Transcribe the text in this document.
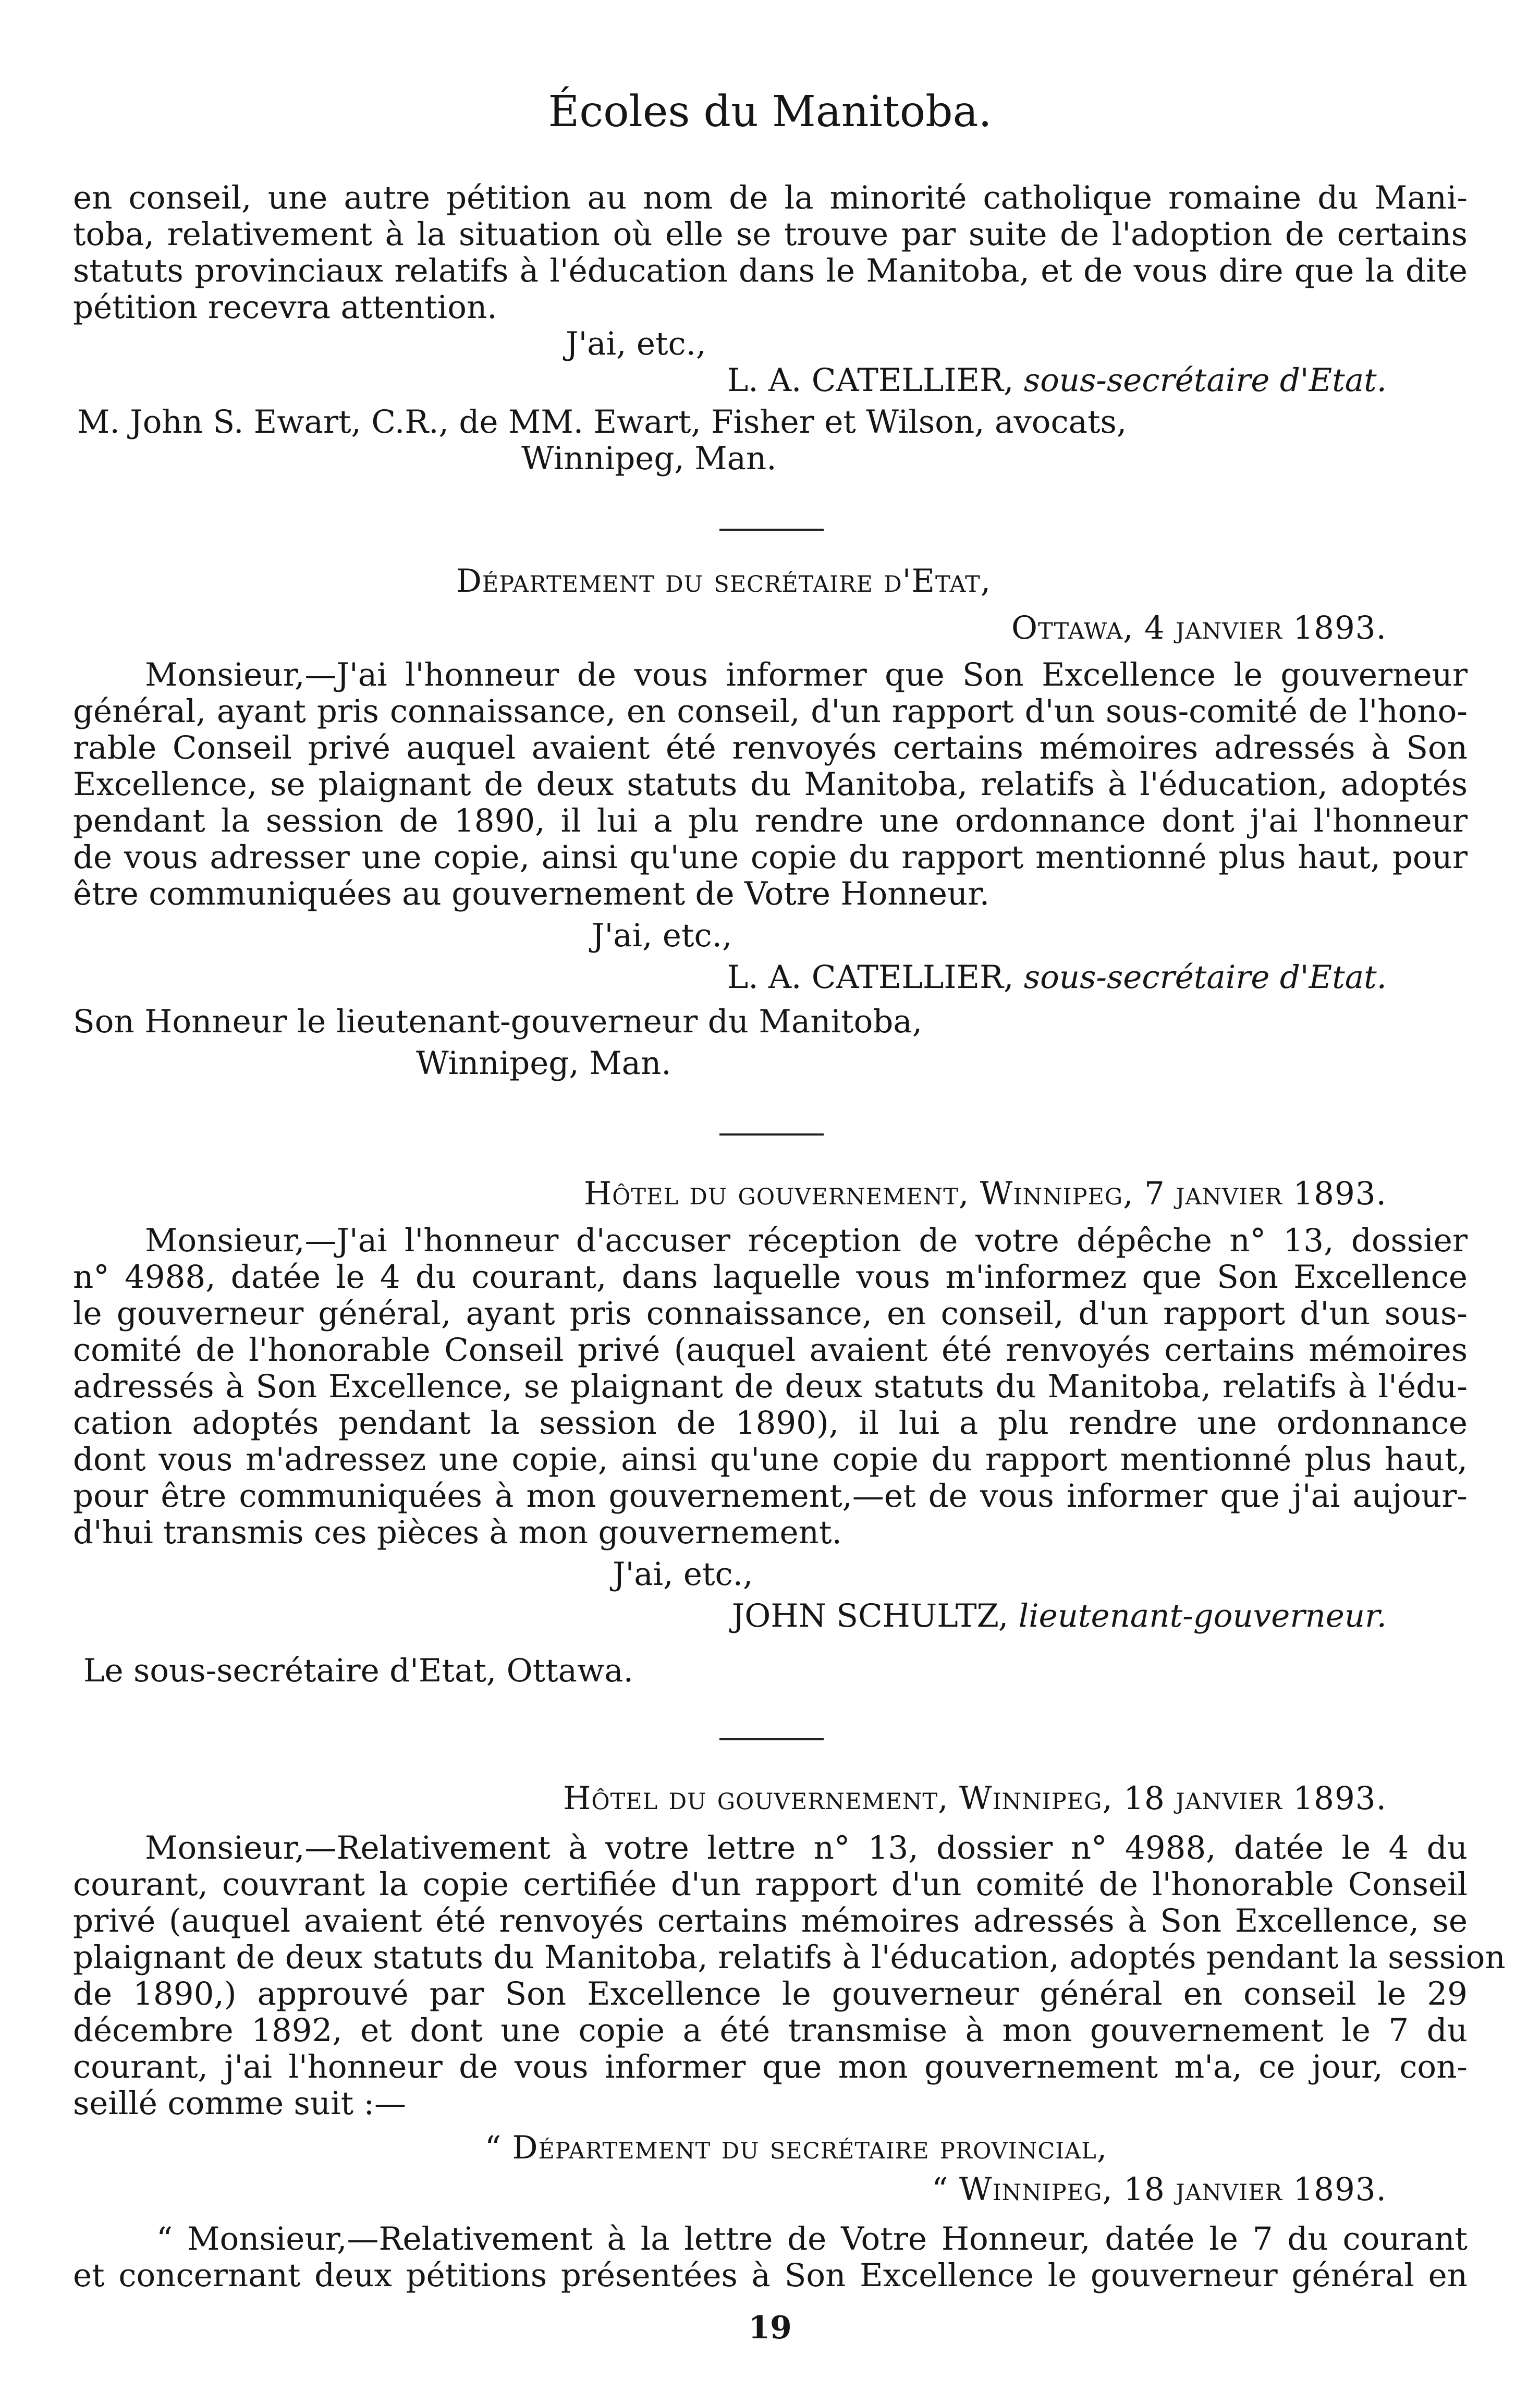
Écoles du Manitoba.
en conseil, une autre pétition au nom de la minorité catholique romaine du Mani-
toba, relativement à la situation où elle se trouve par suite de l'adoption de certains
statuts provinciaux relatifs à l'éducation dans le Manitoba, et de vous dire que la dite
pétition recevra attention.
J'ai, etc.,
L. A. CATELLIER, sous-secrétaire d'Etat.
M. John S. Ewart, C.R., de MM. Ewart, Fisher et Wilson, avocats,
Winnipeg, Man.
Département du secrétaire d'Etat,
Ottawa, 4 janvier 1893.
Monsieur,—J'ai l'honneur de vous informer que Son Excellence le gouverneur
général, ayant pris connaissance, en conseil, d'un rapport d'un sous-comité de l'hono-
rable Conseil privé auquel avaient été renvoyés certains mémoires adressés à Son
Excellence, se plaignant de deux statuts du Manitoba, relatifs à l'éducation, adoptés
pendant la session de 1890, il lui a plu rendre une ordonnance dont j'ai l'honneur
de vous adresser une copie, ainsi qu'une copie du rapport mentionné plus haut, pour
être communiquées au gouvernement de Votre Honneur.
J'ai, etc.,
L. A. CATELLIER, sous-secrétaire d'Etat.
Son Honneur le lieutenant-gouverneur du Manitoba,
Winnipeg, Man.
Hôtel du gouvernement, Winnipeg, 7 janvier 1893.
Monsieur,—J'ai l'honneur d'accuser réception de votre dépêche n° 13, dossier
n° 4988, datée le 4 du courant, dans laquelle vous m'informez que Son Excellence
le gouverneur général, ayant pris connaissance, en conseil, d'un rapport d'un sous-
comité de l'honorable Conseil privé (auquel avaient été renvoyés certains mémoires
adressés à Son Excellence, se plaignant de deux statuts du Manitoba, relatifs à l'édu-
cation adoptés pendant la session de 1890), il lui a plu rendre une ordonnance
dont vous m'adressez une copie, ainsi qu'une copie du rapport mentionné plus haut,
pour être communiquées à mon gouvernement,—et de vous informer que j'ai aujour-
d'hui transmis ces pièces à mon gouvernement.
J'ai, etc.,
JOHN SCHULTZ, lieutenant-gouverneur.
Le sous-secrétaire d'Etat, Ottawa.
Hôtel du gouvernement, Winnipeg, 18 janvier 1893.
Monsieur,—Relativement à votre lettre n° 13, dossier n° 4988, datée le 4 du
courant, couvrant la copie certifiée d'un rapport d'un comité de l'honorable Conseil
privé (auquel avaient été renvoyés certains mémoires adressés à Son Excellence, se
plaignant de deux statuts du Manitoba, relatifs à l'éducation, adoptés pendant la session
de 1890,) approuvé par Son Excellence le gouverneur général en conseil le 29
décembre 1892, et dont une copie a été transmise à mon gouvernement le 7 du
courant, j'ai l'honneur de vous informer que mon gouvernement m'a, ce jour, con-
seillé comme suit :—
“ Département du secrétaire provincial,
“ Winnipeg, 18 janvier 1893.
“ Monsieur,—Relativement à la lettre de Votre Honneur, datée le 7 du courant
et concernant deux pétitions présentées à Son Excellence le gouverneur général en
19
